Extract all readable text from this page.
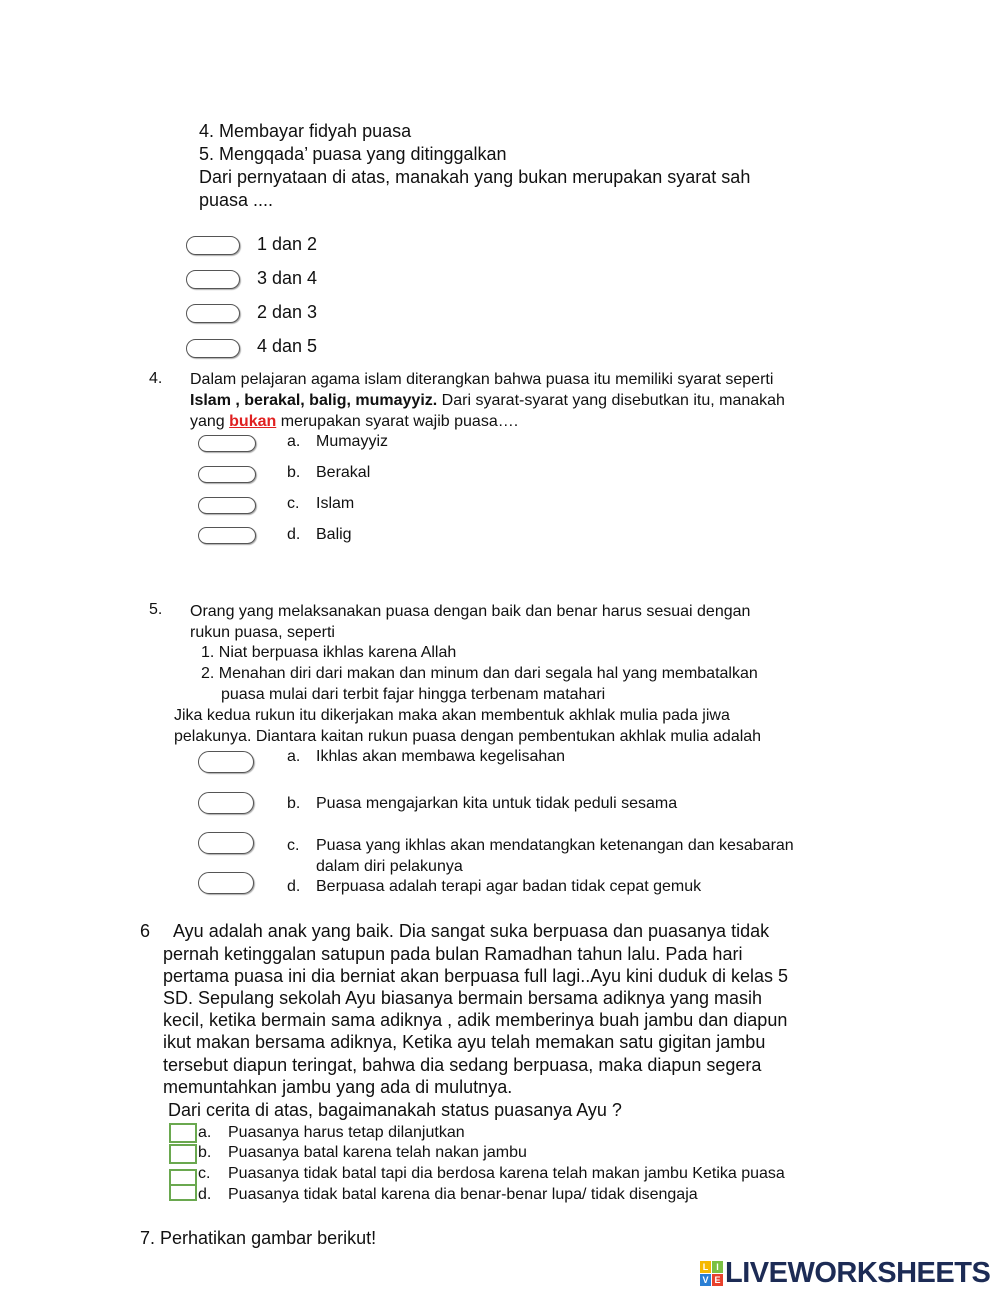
4. Membayar fidyah puasa
5. Mengqada’ puasa yang ditinggalkan
Dari pernyataan di atas, manakah yang bukan merupakan syarat sah
puasa ....
1 dan 2
3 dan 4
2 dan 3
4 dan 5
4. Dalam pelajaran agama islam diterangkan bahwa puasa itu memiliki syarat seperti
Islam , berakal, balig, mumayyiz. Dari syarat-syarat yang disebutkan itu, manakah
yang bukan merupakan syarat wajib puasa….
a. Mumayyiz
b. Berakal
c. Islam
d. Balig
5. Orang yang melaksanakan puasa dengan baik dan benar harus sesuai dengan
rukun puasa, seperti
1. Niat berpuasa ikhlas karena Allah
2. Menahan diri dari makan dan minum dan dari segala hal yang membatalkan
puasa mulai dari terbit fajar hingga terbenam matahari
Jika kedua rukun itu dikerjakan maka akan membentuk akhlak mulia pada jiwa
pelakunya. Diantara kaitan rukun puasa dengan pembentukan akhlak mulia adalah
a. Ikhlas akan membawa kegelisahan
b. Puasa mengajarkan kita untuk tidak peduli sesama
c. Puasa yang ikhlas akan mendatangkan ketenangan dan kesabaran
dalam diri pelakunya
d. Berpuasa adalah terapi agar badan tidak cepat gemuk
6 Ayu adalah anak yang baik. Dia sangat suka berpuasa dan puasanya tidak
pernah ketinggalan satupun pada bulan Ramadhan tahun lalu. Pada hari
pertama puasa ini dia berniat akan berpuasa full lagi..Ayu kini duduk di kelas 5
SD. Sepulang sekolah Ayu biasanya bermain bersama adiknya yang masih
kecil, ketika bermain sama adiknya , adik memberinya buah jambu dan diapun
ikut makan bersama adiknya, Ketika ayu telah memakan satu gigitan jambu
tersebut diapun teringat, bahwa dia sedang berpuasa, maka diapun segera
memuntahkan jambu yang ada di mulutnya.
Dari cerita di atas, bagaimanakah status puasanya Ayu ?
a. Puasanya harus tetap dilanjutkan
b. Puasanya batal karena telah nakan jambu
c. Puasanya tidak batal tapi dia berdosa karena telah makan jambu Ketika puasa
d. Puasanya tidak batal karena dia benar-benar lupa/ tidak disengaja
7. Perhatikan gambar berikut!
L I
V E LIVEWORKSHEETS
